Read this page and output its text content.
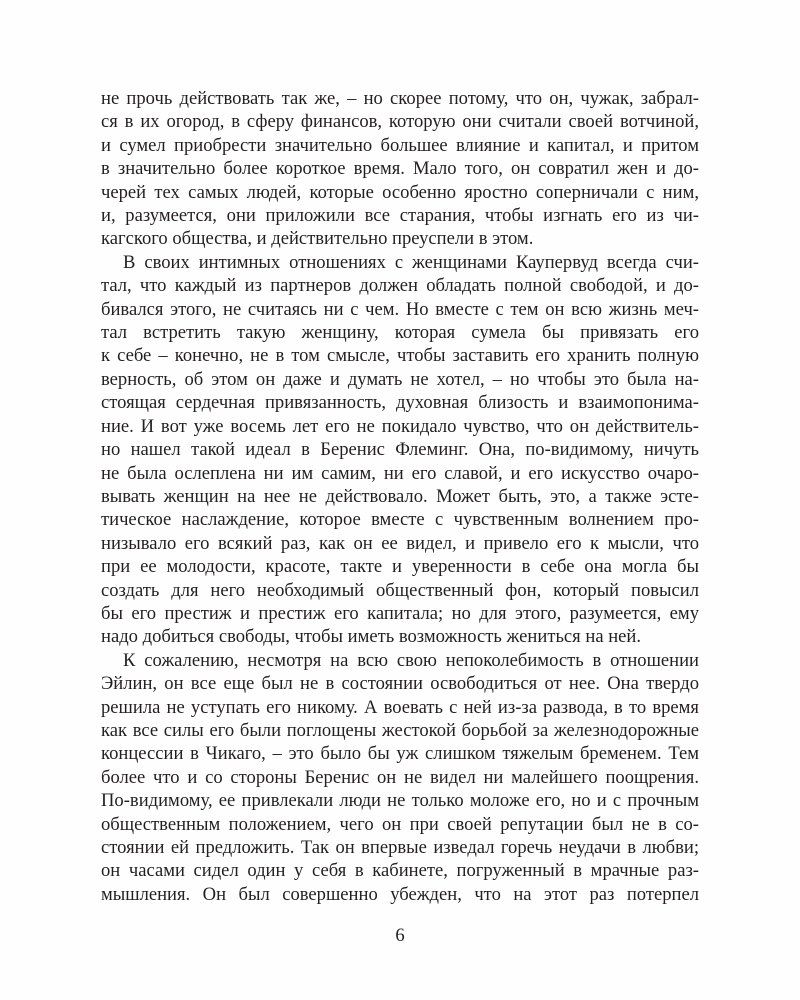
не прочь действовать так же, – но скорее потому, что он, чужак, забрал-
ся в их огород, в сферу финансов, которую они считали своей вотчиной,
и сумел приобрести значительно большее влияние и капитал, и притом
в значительно более короткое время. Мало того, он совратил жен и до-
черей тех самых людей, которые особенно яростно соперничали с ним,
и, разумеется, они приложили все старания, чтобы изгнать его из чи-
кагского общества, и действительно преуспели в этом.
В своих интимных отношениях с женщинами Каупервуд всегда счи-
тал, что каждый из партнеров должен обладать полной свободой, и до-
бивался этого, не считаясь ни с чем. Но вместе с тем он всю жизнь меч-
тал встретить такую женщину, которая сумела бы привязать его
к себе – конечно, не в том смысле, чтобы заставить его хранить полную
верность, об этом он даже и думать не хотел, – но чтобы это была на-
стоящая сердечная привязанность, духовная близость и взаимопонима-
ние. И вот уже восемь лет его не покидало чувство, что он действитель-
но нашел такой идеал в Беренис Флеминг. Она, по-видимому, ничуть
не была ослеплена ни им самим, ни его славой, и его искусство очаро-
вывать женщин на нее не действовало. Может быть, это, а также эсте-
тическое наслаждение, которое вместе с чувственным волнением про-
низывало его всякий раз, как он ее видел, и привело его к мысли, что
при ее молодости, красоте, такте и уверенности в себе она могла бы
создать для него необходимый общественный фон, который повысил
бы его престиж и престиж его капитала; но для этого, разумеется, ему
надо добиться свободы, чтобы иметь возможность жениться на ней.
К сожалению, несмотря на всю свою непоколебимость в отношении
Эйлин, он все еще был не в состоянии освободиться от нее. Она твердо
решила не уступать его никому. А воевать с ней из-за развода, в то время
как все силы его были поглощены жестокой борьбой за железнодорожные
концессии в Чикаго, – это было бы уж слишком тяжелым бременем. Тем
более что и со стороны Беренис он не видел ни малейшего поощрения.
По-видимому, ее привлекали люди не только моложе его, но и с прочным
общественным положением, чего он при своей репутации был не в со-
стоянии ей предложить. Так он впервые изведал горечь неудачи в любви;
он часами сидел один у себя в кабинете, погруженный в мрачные раз-
мышления. Он был совершенно убежден, что на этот раз потерпел
6
